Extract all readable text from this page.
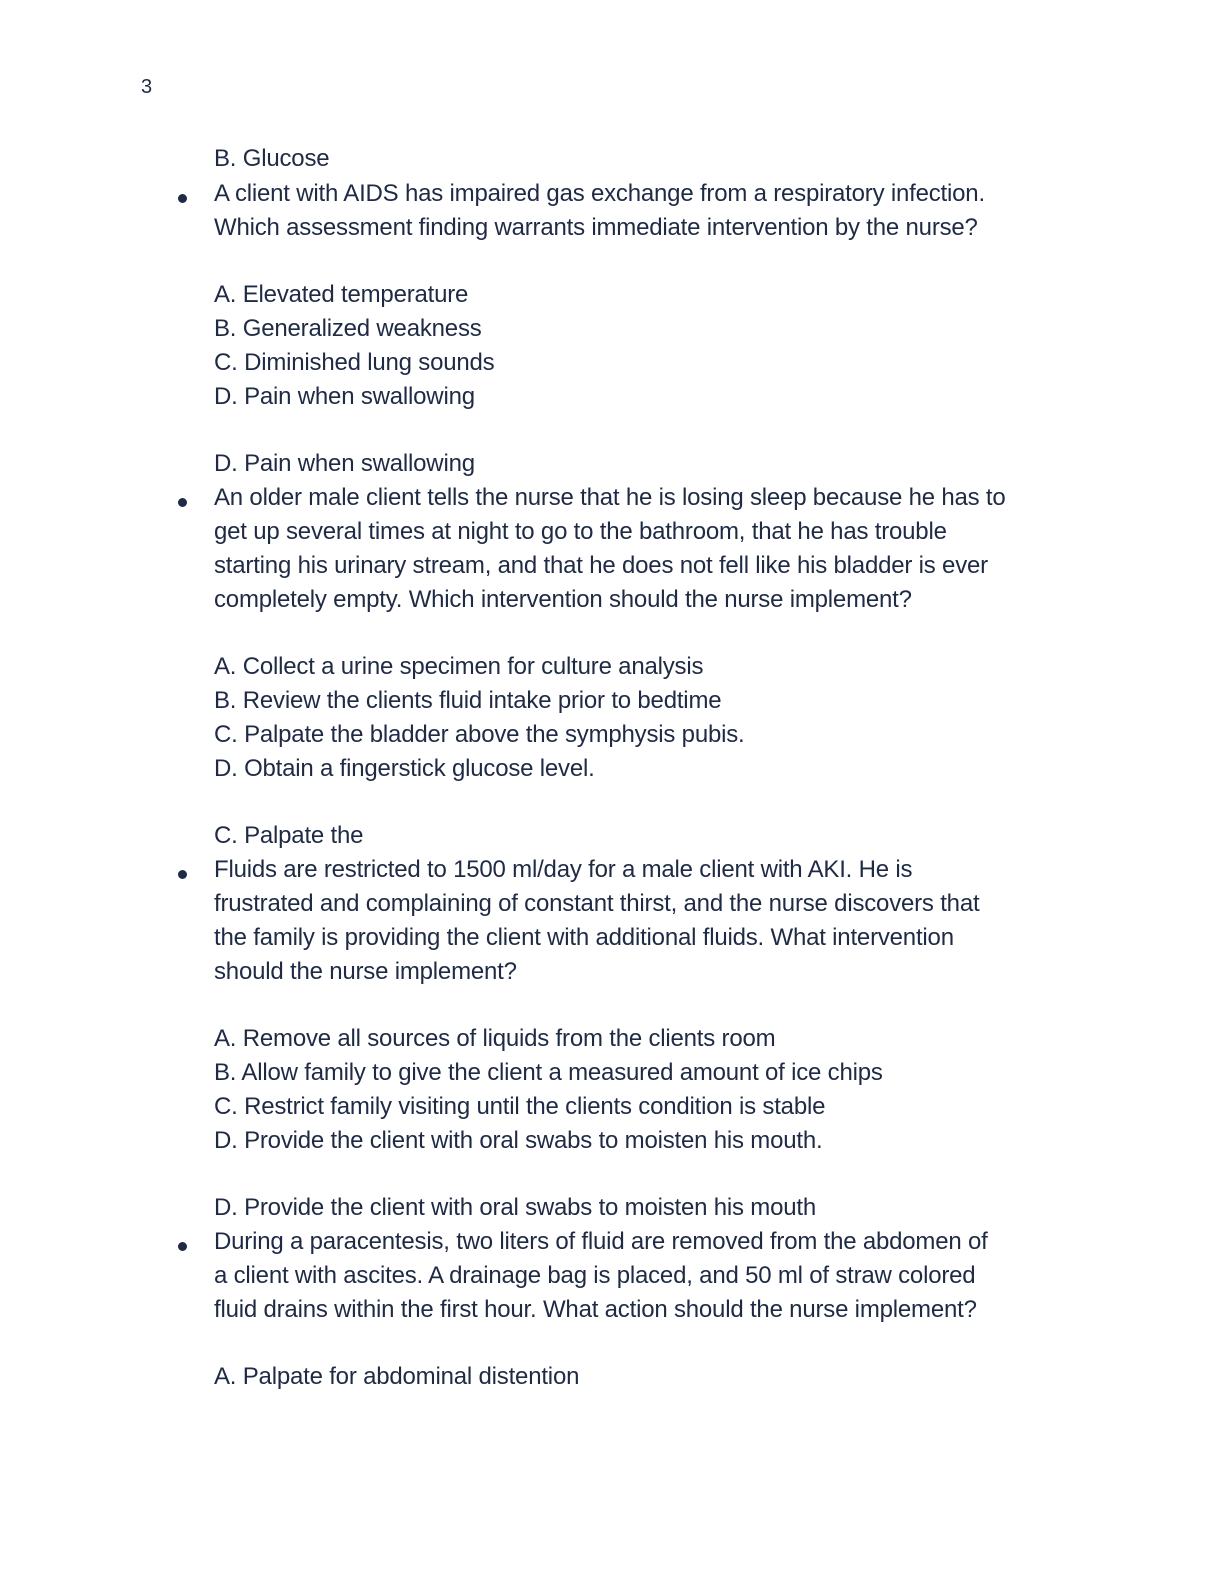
3
B. Glucose
A client with AIDS has impaired gas exchange from a respiratory infection.
Which assessment finding warrants immediate intervention by the nurse?
A. Elevated temperature
B. Generalized weakness
C. Diminished lung sounds
D. Pain when swallowing
D. Pain when swallowing
An older male client tells the nurse that he is losing sleep because he has to
get up several times at night to go to the bathroom, that he has trouble
starting his urinary stream, and that he does not fell like his bladder is ever
completely empty. Which intervention should the nurse implement?
A. Collect a urine specimen for culture analysis
B. Review the clients fluid intake prior to bedtime
C. Palpate the bladder above the symphysis pubis.
D. Obtain a fingerstick glucose level.
C. Palpate the
Fluids are restricted to 1500 ml/day for a male client with AKI. He is
frustrated and complaining of constant thirst, and the nurse discovers that
the family is providing the client with additional fluids. What intervention
should the nurse implement?
A. Remove all sources of liquids from the clients room
B. Allow family to give the client a measured amount of ice chips
C. Restrict family visiting until the clients condition is stable
D. Provide the client with oral swabs to moisten his mouth.
D. Provide the client with oral swabs to moisten his mouth
During a paracentesis, two liters of fluid are removed from the abdomen of
a client with ascites. A drainage bag is placed, and 50 ml of straw colored
fluid drains within the first hour. What action should the nurse implement?
A. Palpate for abdominal distention
